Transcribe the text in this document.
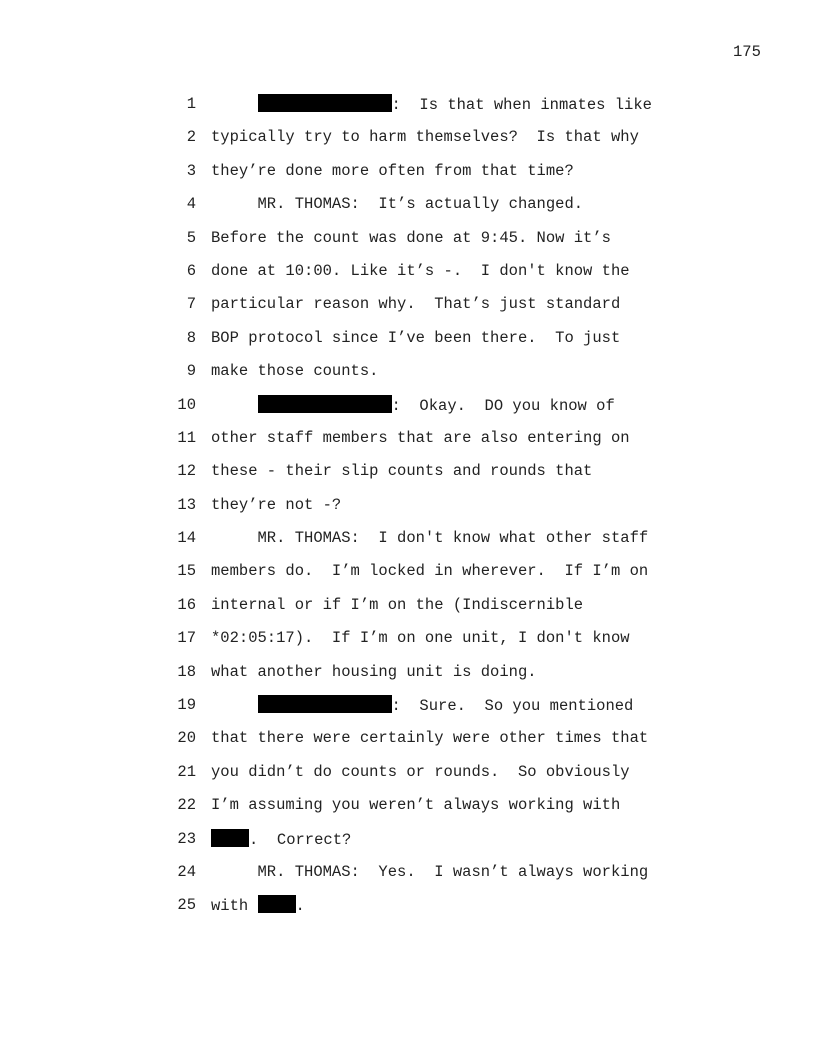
175
1	:  Is that when inmates like
2 typically try to harm themselves?  Is that why
3 they’re done more often from that time?
4 MR. THOMAS:  It’s actually changed.
5 Before the count was done at 9:45. Now it’s
6 done at 10:00. Like it’s -.  I don't know the
7 particular reason why.  That’s just standard
8 BOP protocol since I’ve been there.  To just
9 make those counts.
10	:  Okay.  DO you know of
11 other staff members that are also entering on
12 these - their slip counts and rounds that
13 they’re not -?
14 MR. THOMAS:  I don't know what other staff
15 members do.  I’m locked in wherever.  If I’m on
16 internal or if I’m on the (Indiscernible
17 *02:05:17).  If I’m on one unit, I don't know
18 what another housing unit is doing.
19	:  Sure.  So you mentioned
20 that there were certainly were other times that
21 you didn’t do counts or rounds.  So obviously
22 I’m assuming you weren’t always working with
23	.  Correct?
24 MR. THOMAS:  Yes.  I wasn’t always working
25 with .
